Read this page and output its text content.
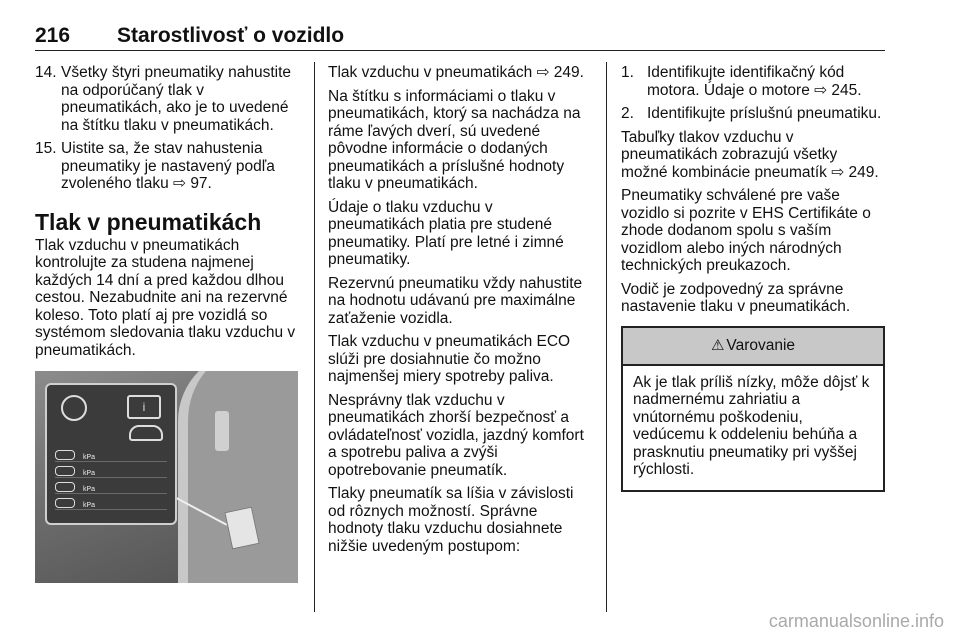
216 Starostlivosť o vozidlo
14. Všetky štyri pneumatiky nahustite na odporúčaný tlak v pneumatikách, ako je to uvedené na štítku tlaku v pneumatikách.
15. Uistite sa, že stav nahustenia pneumatiky je nastavený podľa zvoleného tlaku ⇨ 97.
Tlak v pneumatikách

Tlak vzduchu v pneumatikách kontrolujte za studena najmenej každých 14 dní a pred každou dlhou cestou. Nezabudnite ani na rezervné koleso. Toto platí aj pre vozidlá so systémom sledovania tlaku vzduchu v pneumatikách.

i
kPa
kPa
kPa
kPa

Tlak vzduchu v pneumatikách ⇨ 249.

Na štítku s informáciami o tlaku v pneumatikách, ktorý sa nachádza na ráme ľavých dverí, sú uvedené pôvodne informácie o dodaných pneumatikách a príslušné hodnoty tlaku v pneumatikách.

Údaje o tlaku vzduchu v pneumatikách platia pre studené pneumatiky. Platí pre letné i zimné pneumatiky.

Rezervnú pneumatiku vždy nahustite na hodnotu udávanú pre maximálne zaťaženie vozidla.

Tlak vzduchu v pneumatikách ECO slúži pre dosiahnutie čo možno najmenšej miery spotreby paliva.

Nesprávny tlak vzduchu v pneumatikách zhorší bezpečnosť a ovládateľnosť vozidla, jazdný komfort a spotrebu paliva a zvýši opotrebovanie pneumatík.

Tlaky pneumatík sa líšia v závislosti od rôznych možností. Správne hodnoty tlaku vzduchu dosiahnete nižšie uvedeným postupom:

1. Identifikujte identifikačný kód motora. Údaje o motore ⇨ 245.
2. Identifikujte príslušnú pneumatiku.

Tabuľky tlakov vzduchu v pneumatikách zobrazujú všetky možné kombinácie pneumatík ⇨ 249.

Pneumatiky schválené pre vaše vozidlo si pozrite v EHS Certifikáte o zhode dodanom spolu s vaším vozidlom alebo iných národných technických preukazoch.

Vodič je zodpovedný za správne nastavenie tlaku v pneumatikách.

⚠ Varovanie
Ak je tlak príliš nízky, môže dôjsť k nadmernému zahriatiu a vnútornému poškodeniu, vedúcemu k oddeleniu behúňa a prasknutiu pneumatiky pri vyššej rýchlosti.
carmanualsonline.info
